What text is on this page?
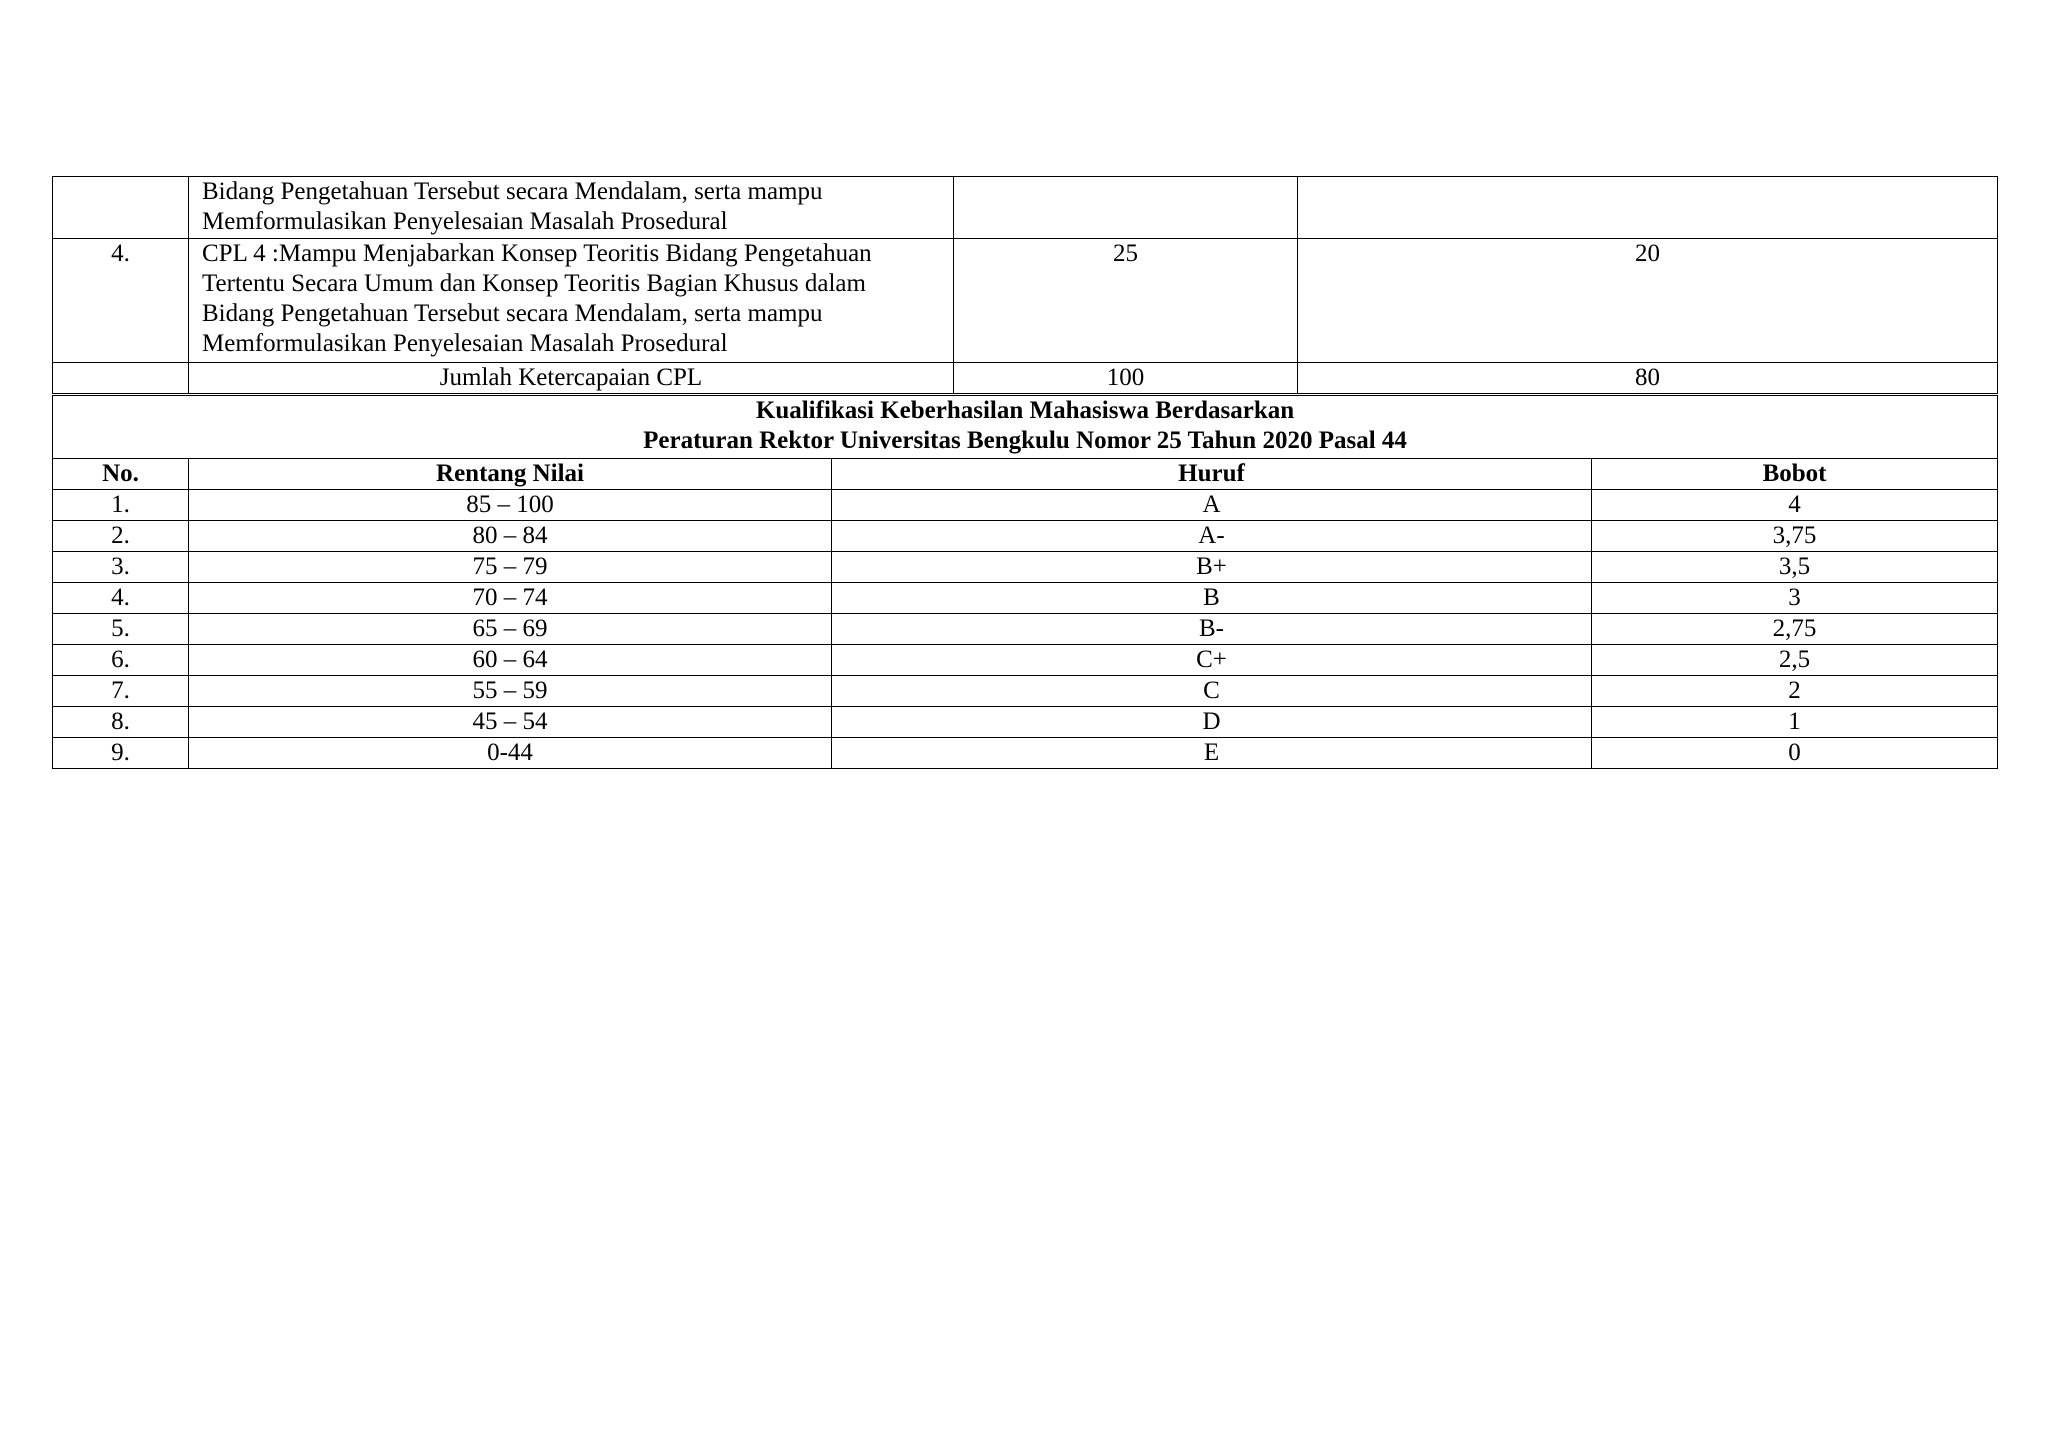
	Bidang Pengetahuan Tersebut secara Mendalam, serta mampu
Memformulasikan Penyelesaian Masalah Prosedural		

4.	CPL 4 :Mampu Menjabarkan Konsep Teoritis Bidang Pengetahuan
Tertentu Secara Umum dan Konsep Teoritis Bagian Khusus dalam
Bidang Pengetahuan Tersebut secara Mendalam, serta mampu
Memformulasikan Penyelesaian Masalah Prosedural	25	20
	Jumlah Ketercapaian CPL	100	80
Kualifikasi Keberhasilan Mahasiswa Berdasarkan
Peraturan Rektor Universitas Bengkulu Nomor 25 Tahun 2020 Pasal 44			

No.	Rentang Nilai	Huruf	Bobot
1.	85 – 100	A	4
2.	80 – 84	A-	3,75
3.	75 – 79	B+	3,5
4.	70 – 74	B	3
5.	65 – 69	B-	2,75
6.	60 – 64	C+	2,5
7.	55 – 59	C	2
8.	45 – 54	D	1
9.	0-44	E	0
